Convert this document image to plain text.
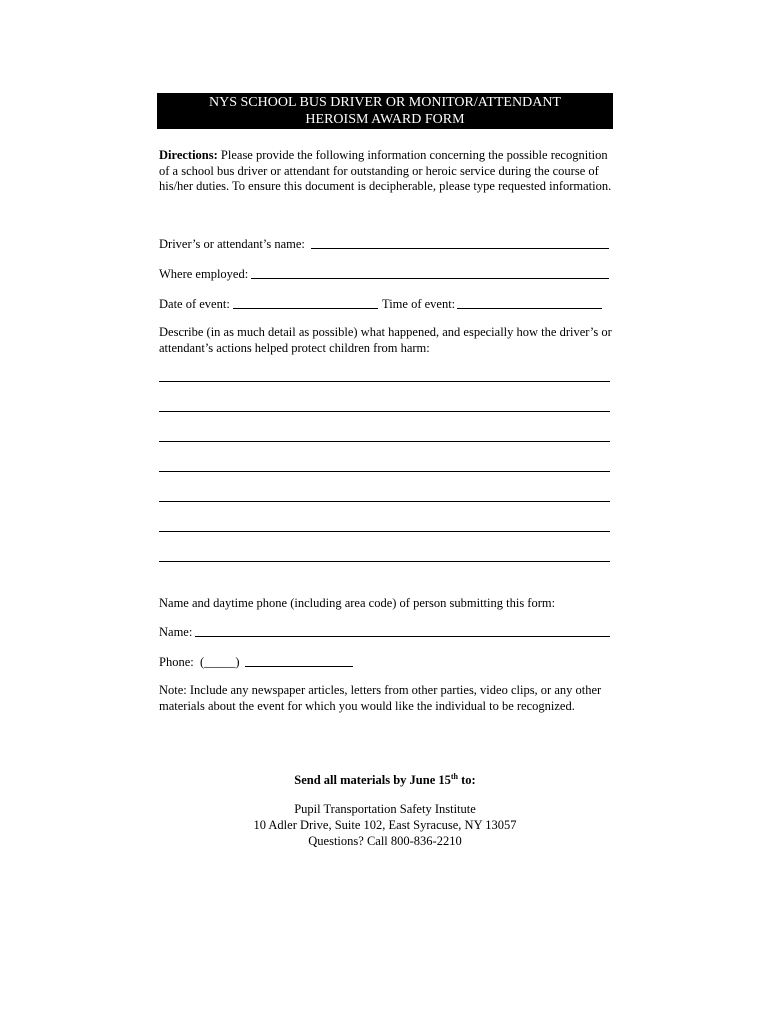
NYS SCHOOL BUS DRIVER OR MONITOR/ATTENDANT
HEROISM AWARD FORM
Directions: Please provide the following information concerning the possible recognition of a school bus driver or attendant for outstanding or heroic service during the course of his/her duties. To ensure this document is decipherable, please type requested information.
Driver’s or attendant’s name:
Where employed:
Date of event:	Time of event:
Describe (in as much detail as possible) what happened, and especially how the driver’s or attendant’s actions helped protect children from harm:
Name and daytime phone (including area code) of person submitting this form:
Name:
Phone: (_____)
Note: Include any newspaper articles, letters from other parties, video clips, or any other materials about the event for which you would like the individual to be recognized.
Send all materials by June 15th to:
Pupil Transportation Safety Institute
10 Adler Drive, Suite 102, East Syracuse, NY 13057
Questions? Call 800-836-2210
